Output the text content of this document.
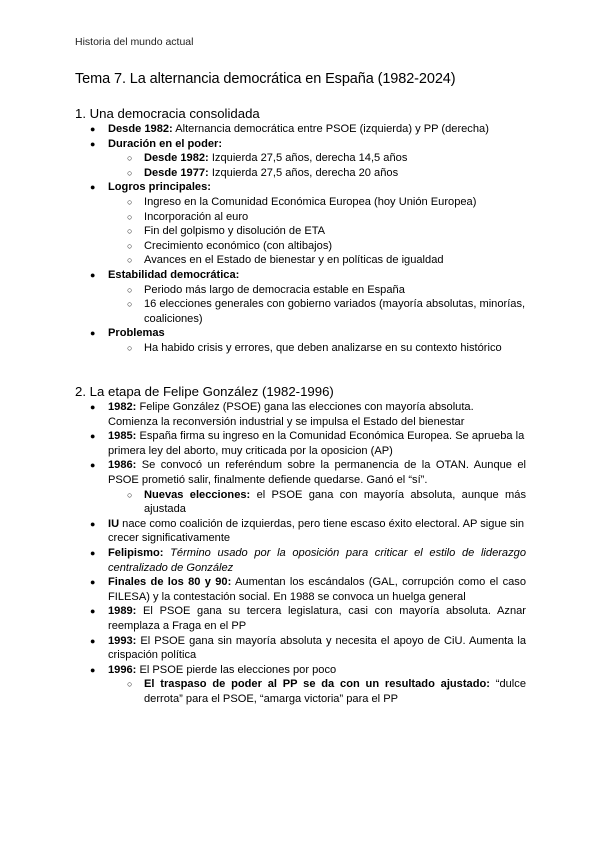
Historia del mundo actual
Tema 7. La alternancia democrática en España (1982-2024)
1. Una democracia consolidada
● Desde 1982: Alternancia democrática entre PSOE (izquierda) y PP (derecha)
● Duración en el poder:
○ Desde 1982: Izquierda 27,5 años, derecha 14,5 años
○ Desde 1977: Izquierda 27,5 años, derecha 20 años
● Logros principales:
○ Ingreso en la Comunidad Económica Europea (hoy Unión Europea)
○ Incorporación al euro
○ Fin del golpismo y disolución de ETA
○ Crecimiento económico (con altibajos)
○ Avances en el Estado de bienestar y en políticas de igualdad
● Estabilidad democrática:
○ Periodo más largo de democracia estable en España
○ 16 elecciones generales con gobierno variados (mayoría absolutas, minorías, coaliciones)
● Problemas
○ Ha habido crisis y errores, que deben analizarse en su contexto histórico
2. La etapa de Felipe González (1982-1996)
● 1982: Felipe González (PSOE) gana las elecciones con mayoría absoluta. Comienza la reconversión industrial y se impulsa el Estado del bienestar
● 1985: España firma su ingreso en la Comunidad Económica Europea. Se aprueba la primera ley del aborto, muy criticada por la oposicion (AP)
● 1986: Se convocó un referéndum sobre la permanencia de la OTAN. Aunque el PSOE prometió salir, finalmente defiende quedarse. Ganó el “sí”.
○ Nuevas elecciones: el PSOE gana con mayoría absoluta, aunque más ajustada
● IU nace como coalición de izquierdas, pero tiene escaso éxito electoral. AP sigue sin crecer significativamente
● Felipismo: Término usado por la oposición para criticar el estilo de liderazgo centralizado de González
● Finales de los 80 y 90: Aumentan los escándalos (GAL, corrupción como el caso FILESA) y la contestación social. En 1988 se convoca un huelga general
● 1989: El PSOE gana su tercera legislatura, casi con mayoría absoluta. Aznar reemplaza a Fraga en el PP
● 1993: El PSOE gana sin mayoría absoluta y necesita el apoyo de CiU. Aumenta la crispación política
● 1996: El PSOE pierde las elecciones por poco
○ El traspaso de poder al PP se da con un resultado ajustado: “dulce derrota” para el PSOE, “amarga victoria” para el PP
